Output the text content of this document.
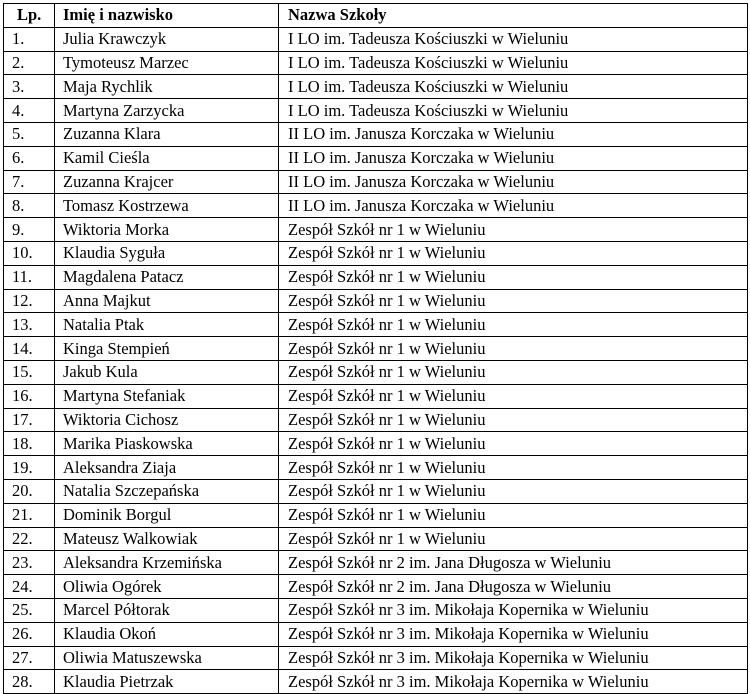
Lp.	Imię i nazwisko	Nazwa Szkoły
1.	Julia Krawczyk	I LO im. Tadeusza Kościuszki w Wieluniu
2.	Tymoteusz Marzec	I LO im. Tadeusza Kościuszki w Wieluniu
3.	Maja Rychlik	I LO im. Tadeusza Kościuszki w Wieluniu
4.	Martyna Zarzycka	I LO im. Tadeusza Kościuszki w Wieluniu
5.	Zuzanna Klara	II LO im. Janusza Korczaka w Wieluniu
6.	Kamil Cieśla	II LO im. Janusza Korczaka w Wieluniu
7.	Zuzanna Krajcer	II LO im. Janusza Korczaka w Wieluniu
8.	Tomasz Kostrzewa	II LO im. Janusza Korczaka w Wieluniu
9.	Wiktoria Morka	Zespół Szkół nr 1 w Wieluniu
10.	Klaudia Syguła	Zespół Szkół nr 1 w Wieluniu
11.	Magdalena Patacz	Zespół Szkół nr 1 w Wieluniu
12.	Anna Majkut	Zespół Szkół nr 1 w Wieluniu
13.	Natalia Ptak	Zespół Szkół nr 1 w Wieluniu
14.	Kinga Stempień	Zespół Szkół nr 1 w Wieluniu
15.	Jakub Kula	Zespół Szkół nr 1 w Wieluniu
16.	Martyna Stefaniak	Zespół Szkół nr 1 w Wieluniu
17.	Wiktoria Cichosz	Zespół Szkół nr 1 w Wieluniu
18.	Marika Piaskowska	Zespół Szkół nr 1 w Wieluniu
19.	Aleksandra Ziaja	Zespół Szkół nr 1 w Wieluniu
20.	Natalia Szczepańska	Zespół Szkół nr 1 w Wieluniu
21.	Dominik Borgul	Zespół Szkół nr 1 w Wieluniu
22.	Mateusz Walkowiak	Zespół Szkół nr 1 w Wieluniu
23.	Aleksandra Krzemińska	Zespół Szkół nr 2 im. Jana Długosza w Wieluniu
24.	Oliwia Ogórek	Zespół Szkół nr 2 im. Jana Długosza w Wieluniu
25.	Marcel Półtorak	Zespół Szkół nr 3 im. Mikołaja Kopernika w Wieluniu
26.	Klaudia Okoń	Zespół Szkół nr 3 im. Mikołaja Kopernika w Wieluniu
27.	Oliwia Matuszewska	Zespół Szkół nr 3 im. Mikołaja Kopernika w Wieluniu
28.	Klaudia Pietrzak	Zespół Szkół nr 3 im. Mikołaja Kopernika w Wieluniu
